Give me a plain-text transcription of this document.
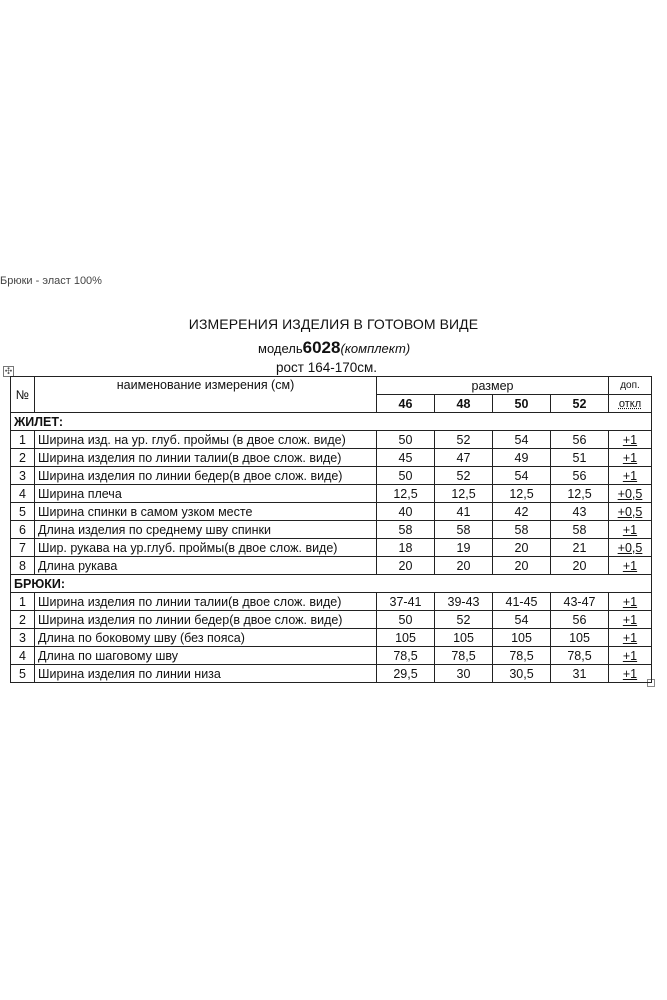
Брюки - эласт 100%
ИЗМЕРЕНИЯ ИЗДЕЛИЯ В ГОТОВОМ ВИДЕ
модель6028(комплект)
рост 164-170см.
✣
№	наименование измерения (см)	размер				доп.
		46	48	50	52	откл
ЖИЛЕТ:						
1	Ширина изд. на ур. глуб. проймы (в двое слож. виде)	50	52	54	56	+1
2	Ширина изделия по линии талии(в двое слож. виде)	45	47	49	51	+1
3	Ширина изделия по линии бедер(в двое слож. виде)	50	52	54	56	+1
4	Ширина плеча	12,5	12,5	12,5	12,5	+0,5
5	Ширина спинки в самом узком месте	40	41	42	43	+0,5
6	Длина изделия по среднему шву спинки	58	58	58	58	+1
7	Шир. рукава на ур.глуб. проймы(в двое слож. виде)	18	19	20	21	+0,5
8	Длина рукава	20	20	20	20	+1
БРЮКИ:						
1	Ширина изделия по линии талии(в двое слож. виде)	37-41	39-43	41-45	43-47	+1
2	Ширина изделия по линии бедер(в двое слож. виде)	50	52	54	56	+1
3	Длина по боковому шву (без пояса)	105	105	105	105	+1
4	Длина по шаговому шву	78,5	78,5	78,5	78,5	+1
5	Ширина изделия по линии низа	29,5	30	30,5	31	+1
